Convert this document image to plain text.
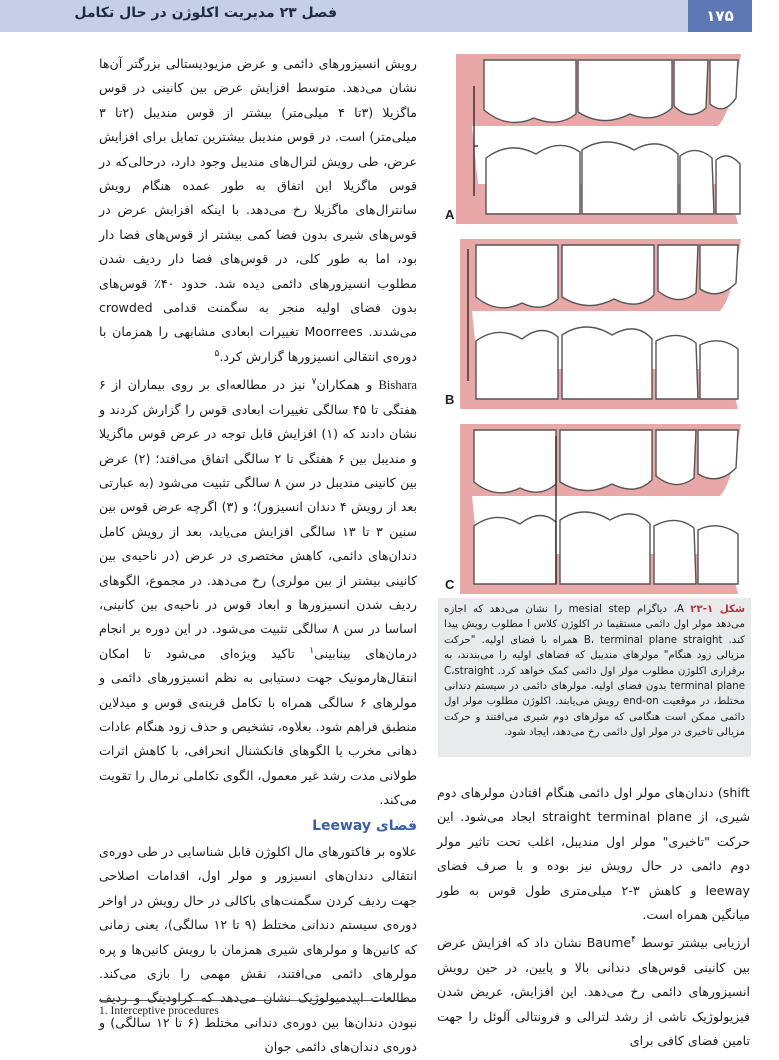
فصل ۲۳ مدیریت اکلوژن در حال تکامل	۱۷۵

رویش انسیزورهای دائمی و عرض مزیودیستالی بزرگتر آن‌ها نشان می‌دهد. متوسط افزایش عرض بین کانینی در قوس ماگزیلا (۳تا ۴ میلی‌متر) بیشتر از قوس مندیبل (۲تا ۳ میلی‌متر) است. در قوس مندیبل بیشترین تمایل برای افزایش عرض، طی رویش لترال‌های مندیبل وجود دارد، درحالی‌که در قوس ماگزیلا این اتفاق به طور عمده هنگام رویش سانترال‌های ماگزیلا رخ می‌دهد. با اینکه افزایش عرض در قوس‌های شیری بدون فضا کمی بیشتر از قوس‌های فضا دار بود، اما به طور کلی، در قوس‌های فضا دار ردیف شدن مطلوب انسیزورهای دائمی دیده شد. حدود ۴۰٪ قوس‌های بدون فضای اولیه منجر به سگمنت قدامی crowded می‌شدند. Moorrees تغییرات ابعادی مشابهی را همزمان با دوره‌ی انتقالی انسیزورها گزارش کرد.$^۵$

Bishara و همکاران$^۷$ نیز در مطالعه‌ای بر روی بیماران از ۶ هفتگی تا ۴۵ سالگی تغییرات ابعادی قوس را گزارش کردند و نشان دادند که (۱) افزایش قابل توجه در عرض قوس ماگزیلا و مندیبل بین ۶ هفتگی تا ۲ سالگی اتفاق می‌افتد؛ (۲) عرض بین کانینی مندیبل در سن ۸ سالگی تثبیت می‌شود (به عبارتی بعد از رویش ۴ دندان انسیزور)؛ و (۳) اگرچه عرض قوس بین سنین ۳ تا ۱۳ سالگی افزایش می‌یابد، بعد از رویش کامل دندان‌های دائمی، کاهش مختصری در عرض (در ناحیه‌ی بین کانینی بیشتر از بین مولری) رخ می‌دهد. در مجموع، الگوهای ردیف شدن انسیزورها و ابعاد قوس در ناحیه‌ی بین کانینی، اساسا در سن ۸ سالگی تثبیت می‌شود. در این دوره بر انجام درمان‌های بینابینی$^۱$ تاکید ویژه‌ای می‌شود تا امکان انتقال‌هارمونیک جهت دستیابی به نظم انسیزورهای دائمی و مولرهای ۶ سالگی همراه با تکامل قرینه‌ی قوس و میدلاین منطبق فراهم شود. بعلاوه، تشخیص و حذف زود هنگام عادات دهانی مخرب یا الگوهای فانکشنال انحرافی، با کاهش اثرات طولانی مدت رشد غیر معمول، الگوی تکاملی نرمال را تقویت می‌کند.

فضای Leeway

علاوه بر فاکتورهای مال اکلوژن قابل شناسایی در طی دوره‌ی انتقالی دندان‌های انسیزور و مولر اول، اقدامات اصلاحی جهت ردیف کردن سگمنت‌های باکالی در حال رویش در اواخر دوره‌ی سیستم دندانی مختلط (۹ تا ۱۲ سالگی)، یعنی زمانی که کانین‌ها و مولرهای شیری همزمان با رویش کانین‌ها و پره مولرهای دائمی می‌افتند، نقش مهمی را بازی می‌کند. مطالعات اپیدمیولوژیک نشان می‌دهد که کراودینگ و ردیف نبودن دندان‌ها بین دوره‌ی دندانی مختلط (۶ تا ۱۲ سالگی) و دوره‌ی دندان‌های دائمی جوان

A
B
C
شکل ۱-۲۳ A، دیاگرام mesial step را نشان می‌دهد که اجازه می‌دهد مولر اول دائمی مستقیما در اکلوژن کلاس I مطلوب رویش پیدا کند. B، terminal plane straight همراه با فضای اولیه. "حرکت مزیالی زود هنگام" مولرهای مندیبل که فضاهای اولیه را می‌بندند، به برقراری اکلوژن مطلوب مولر اول دائمی کمک خواهد کرد. C،straight terminal plane بدون فضای اولیه. مولرهای دائمی در سیستم دندانی مختلط، در موقعیت end-on رویش می‌یابند. اکلوژن مطلوب مولر اول دائمی ممکن است هنگامی که مولرهای دوم شیری می‌افتند و حرکت مزیالی تاخیری در مولر اول دائمی رخ می‌دهد، ایجاد شود.

shift) دندان‌های مولر اول دائمی هنگام افتادن مولرهای دوم شیری، از straight terminal plane ایجاد می‌شود. این حرکت "تاخیری" مولر اول مندیبل، اغلب تحت تاثیر مولر دوم دائمی در حال رویش نیز بوده و با صرف فضای leeway و کاهش ۳-۲ میلی‌متری طول قوس به طور میانگین همراه است.

ارزیابی بیشتر توسط Baume$^۴$ نشان داد که افزایش عرض بین کانینی قوس‌های دندانی بالا و پایین، در حین رویش انسیزورهای دائمی رخ می‌دهد. این افزایش، عریض شدن فیزیولوژیک ناشی از رشد لترالی و فرونتالی آلوئل را جهت تامین فضای کافی برای

1. Interceptive procedures
